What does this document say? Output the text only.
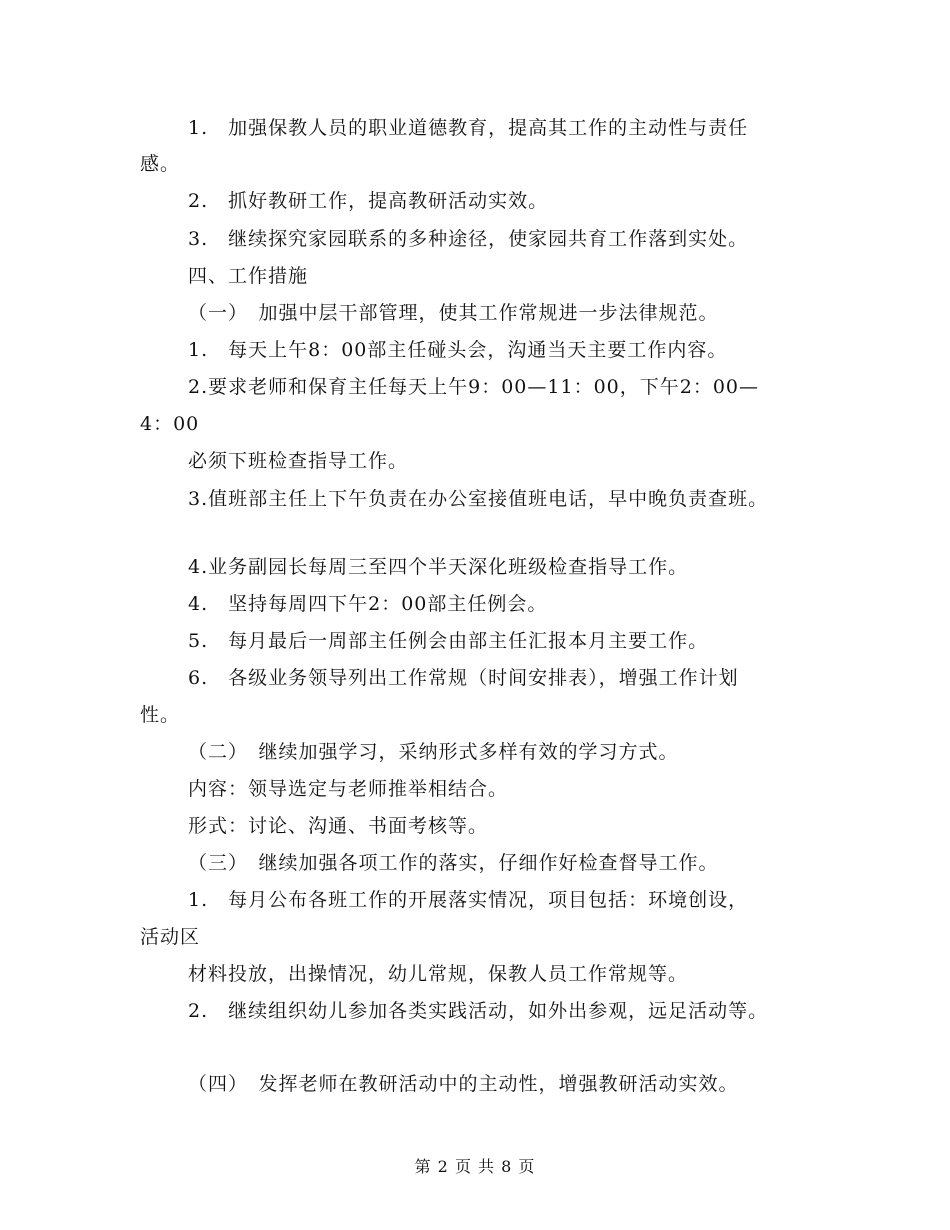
1.　加强保教人员的职业道德教育，提高其工作的主动性与责任
感。
2.　抓好教研工作，提高教研活动实效。
3.　继续探究家园联系的多种途径，使家园共育工作落到实处。
四、工作措施
（一）　加强中层干部管理，使其工作常规进一步法律规范。
1.　每天上午8：00部主任碰头会，沟通当天主要工作内容。
2.要求老师和保育主任每天上午9：00—11：00，下午2：00—
4：00
必须下班检查指导工作。
3.值班部主任上下午负责在办公室接值班电话，早中晚负责查班。
4.业务副园长每周三至四个半天深化班级检查指导工作。
4.　坚持每周四下午2：00部主任例会。
5.　每月最后一周部主任例会由部主任汇报本月主要工作。
6.　各级业务领导列出工作常规（时间安排表），增强工作计划
性。
（二）　继续加强学习，采纳形式多样有效的学习方式。
内容：领导选定与老师推举相结合。
形式：讨论、沟通、书面考核等。
（三）　继续加强各项工作的落实，仔细作好检查督导工作。
1.　每月公布各班工作的开展落实情况，项目包括：环境创设，
活动区
材料投放，出操情况，幼儿常规，保教人员工作常规等。
2.　继续组织幼儿参加各类实践活动，如外出参观，远足活动等。
（四）　发挥老师在教研活动中的主动性，增强教研活动实效。
第 2 页 共 8 页
